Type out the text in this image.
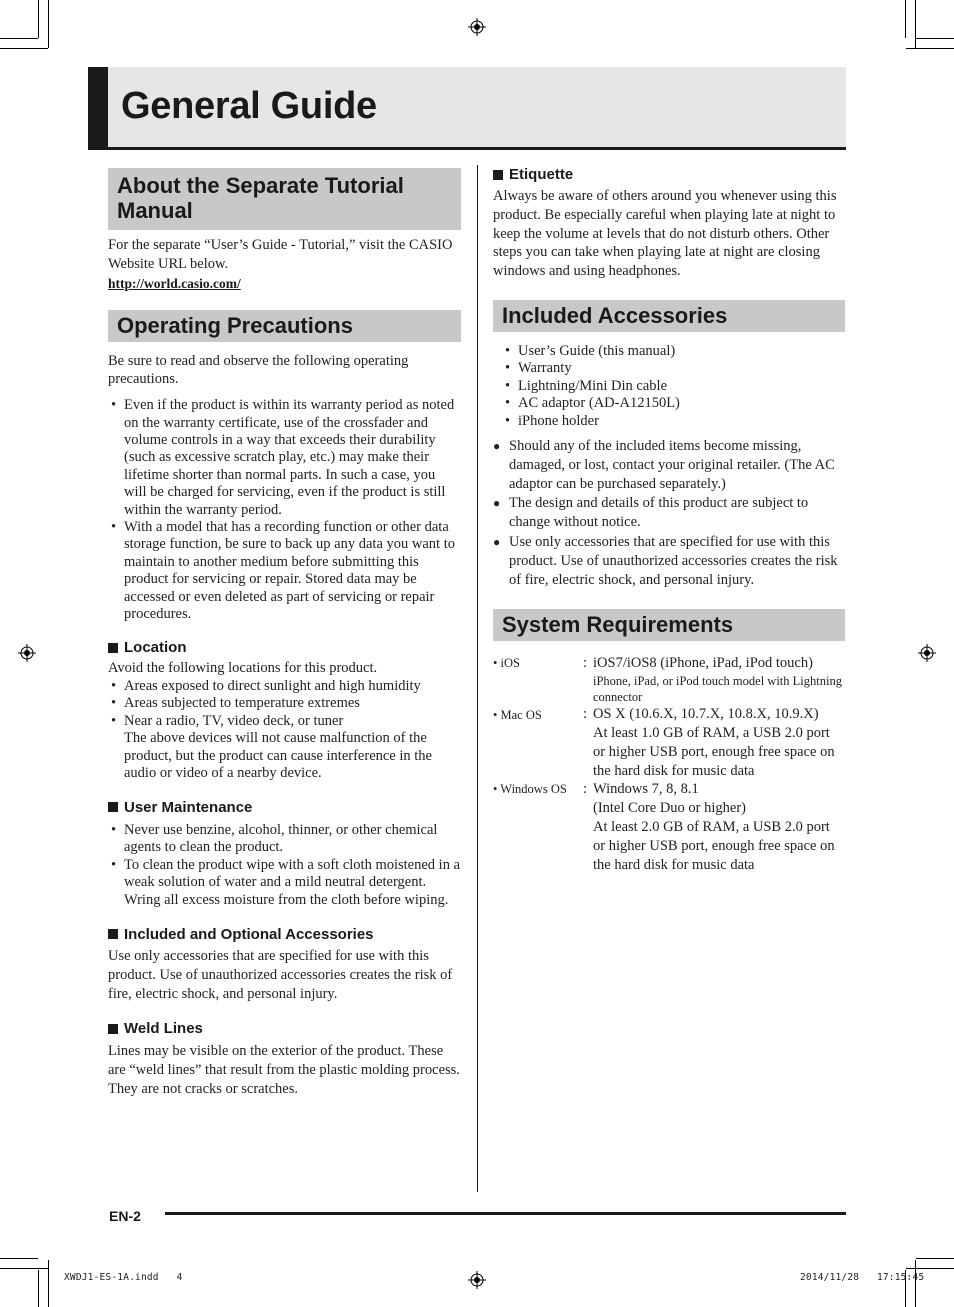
General Guide
About the Separate Tutorial Manual

For the separate “User’s Guide - Tutorial,” visit the CASIO Website URL below.

http://world.casio.com/
Operating Precautions

Be sure to read and observe the following operating precautions.

• Even if the product is within its warranty period as noted on the warranty certificate, use of the crossfader and volume controls in a way that exceeds their durability (such as excessive scratch play, etc.) may make their lifetime shorter than normal parts. In such a case, you will be charged for servicing, even if the product is still within the warranty period.
• With a model that has a recording function or other data storage function, be sure to back up any data you want to maintain to another medium before submitting this product for servicing or repair. Stored data may be accessed or even deleted as part of servicing or repair procedures.
Location

Avoid the following locations for this product.

• Areas exposed to direct sunlight and high humidity
• Areas subjected to temperature extremes
• Near a radio, TV, video deck, or tuner

The above devices will not cause malfunction of the product, but the product can cause interference in the audio or video of a nearby device.

User Maintenance
• Never use benzine, alcohol, thinner, or other chemical agents to clean the product.
• To clean the product wipe with a soft cloth moistened in a weak solution of water and a mild neutral detergent. Wring all excess moisture from the cloth before wiping.
Included and Optional Accessories

Use only accessories that are specified for use with this product. Use of unauthorized accessories creates the risk of fire, electric shock, and personal injury.

Weld Lines

Lines may be visible on the exterior of the product. These are “weld lines” that result from the plastic molding process. They are not cracks or scratches.

Etiquette

Always be aware of others around you whenever using this product. Be especially careful when playing late at night to keep the volume at levels that do not disturb others. Other steps you can take when playing late at night are closing windows and using headphones.

Included Accessories
• User’s Guide (this manual)
• Warranty
• Lightning/Mini Din cable
• AC adaptor (AD-A12150L)
• iPhone holder
● Should any of the included items become missing, damaged, or lost, contact your original retailer. (The AC adaptor can be purchased separately.)
● The design and details of this product are subject to change without notice.
● Use only accessories that are specified for use with this product. Use of unauthorized accessories creates the risk of fire, electric shock, and personal injury.
System Requirements
• iOS	: iOS7/iOS8 (iPhone, iPad, iPod touch)
iPhone, iPad, or iPod touch model with Lightning connector
• Mac OS	: OS X (10.6.X, 10.7.X, 10.8.X, 10.9.X)
At least 1.0 GB of RAM, a USB 2.0 port or higher USB port, enough free space on the hard disk for music data
• Windows OS	: Windows 7, 8, 8.1
(Intel Core Duo or higher)
At least 2.0 GB of RAM, a USB 2.0 port or higher USB port, enough free space on the hard disk for music data
EN-2
XWDJ1-ES-1A.indd   4	2014/11/28   17:15:45
